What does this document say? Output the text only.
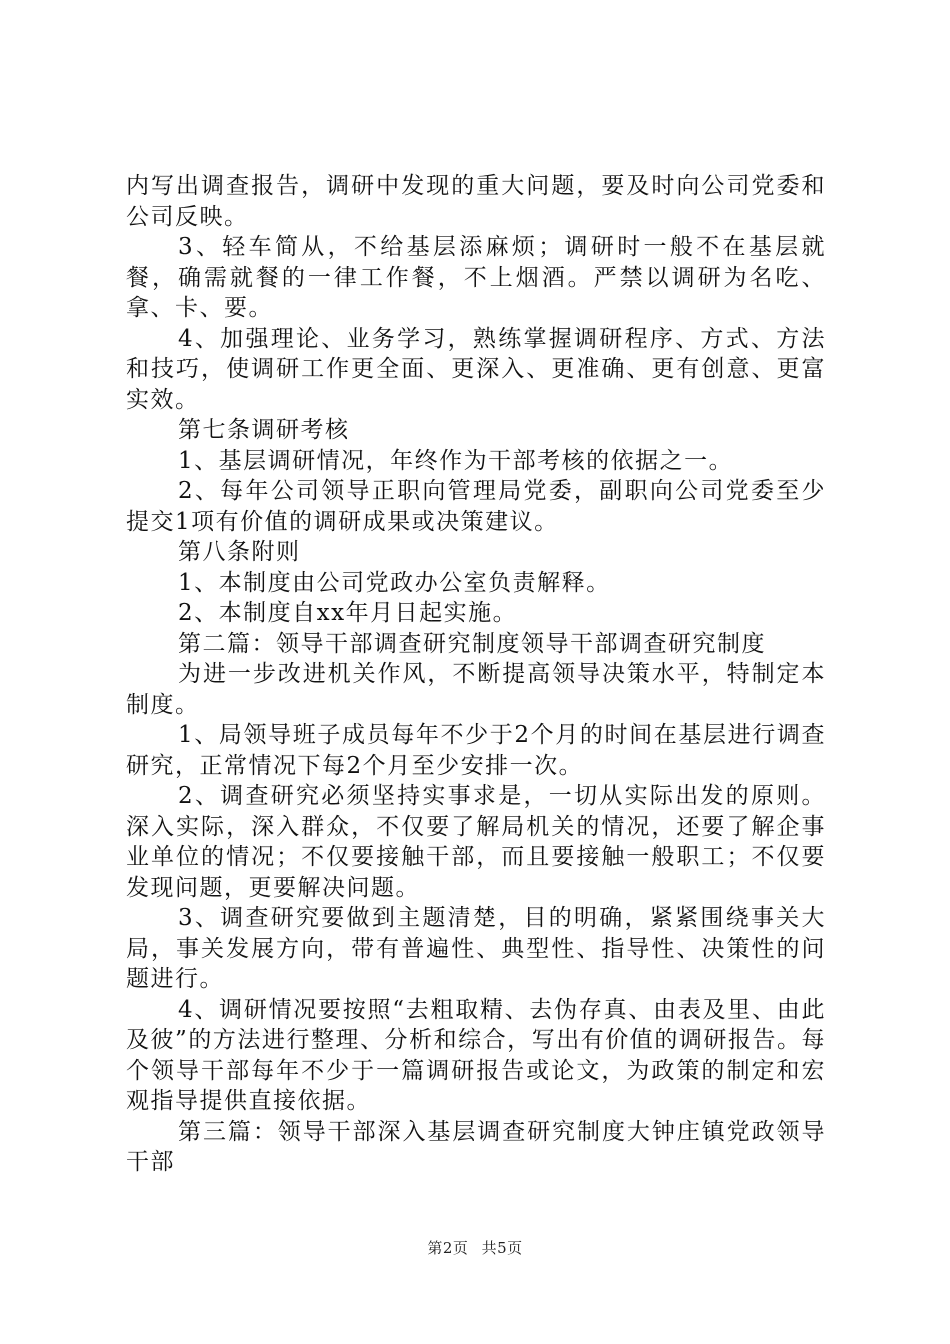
内写出调查报告，调研中发现的重大问题，要及时向公司党委和公司反映。

3、轻车简从，不给基层添麻烦；调研时一般不在基层就餐，确需就餐的一律工作餐，不上烟酒。严禁以调研为名吃、拿、卡、要。

4、加强理论、业务学习，熟练掌握调研程序、方式、方法和技巧，使调研工作更全面、更深入、更准确、更有创意、更富实效。

第七条调研考核

1、基层调研情况，年终作为干部考核的依据之一。

2、每年公司领导正职向管理局党委，副职向公司党委至少提交1项有价值的调研成果或决策建议。

第八条附则

1、本制度由公司党政办公室负责解释。

2、本制度自xx年月日起实施。

第二篇：领导干部调查研究制度领导干部调查研究制度

为进一步改进机关作风，不断提高领导决策水平，特制定本制度。

1、局领导班子成员每年不少于2个月的时间在基层进行调查研究，正常情况下每2个月至少安排一次。

2、调查研究必须坚持实事求是，一切从实际出发的原则。深入实际，深入群众，不仅要了解局机关的情况，还要了解企事业单位的情况；不仅要接触干部，而且要接触一般职工；不仅要发现问题，更要解决问题。

3、调查研究要做到主题清楚，目的明确，紧紧围绕事关大局，事关发展方向，带有普遍性、典型性、指导性、决策性的问题进行。

4、调研情况要按照“去粗取精、去伪存真、由表及里、由此及彼”的方法进行整理、分析和综合，写出有价值的调研报告。每个领导干部每年不少于一篇调研报告或论文，为政策的制定和宏观指导提供直接依据。

第三篇：领导干部深入基层调查研究制度大钟庄镇党政领导干部

第2页 共5页
